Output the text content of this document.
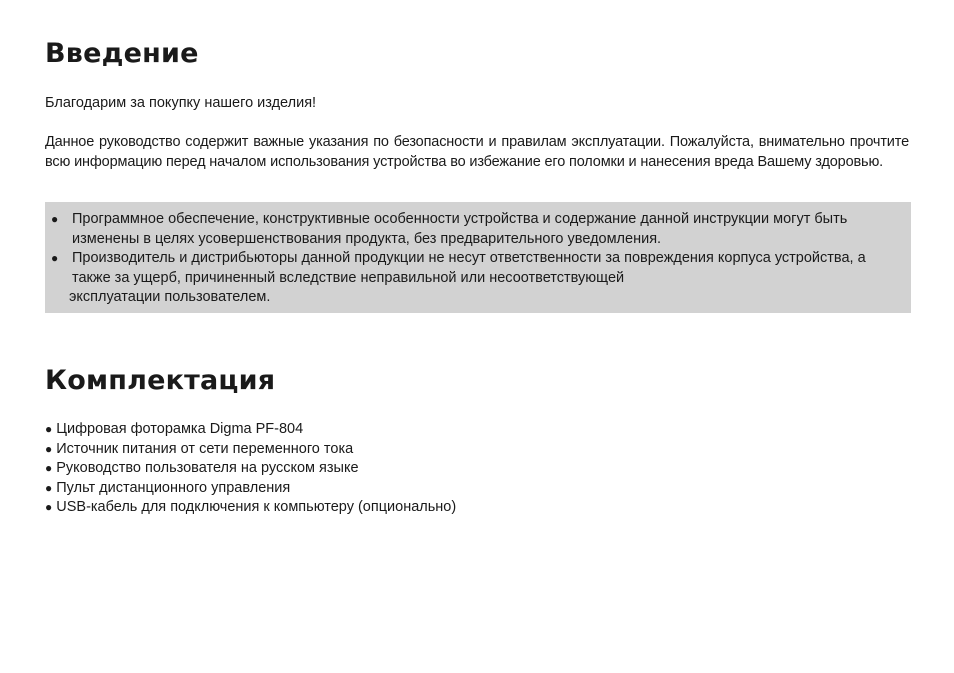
Введение
Благодарим за покупку нашего изделия!
Данное руководство содержит важные указания по безопасности и правилам эксплуатации. Пожалуйста, внимательно прочтите всю информацию перед началом использования устройства во избежание его поломки и нанесения вреда Вашему здоровью.
● Программное обеспечение, конструктивные особенности устройства и содержание данной инструкции могут быть изменены в целях усовершенствования продукта, без предварительного уведомления.
● Производитель и дистрибьюторы данной продукции не несут ответственности за повреждения корпуса устройства, а также за ущерб, причиненный вследствие неправильной или несоответствующей
эксплуатации пользователем.
Комплектация
● Цифровая фоторамка Digma PF-804
● Источник питания от сети переменного тока
● Руководство пользователя на русском языке
● Пульт дистанционного управления
● USB-кабель для подключения к компьютеру (опционально)
